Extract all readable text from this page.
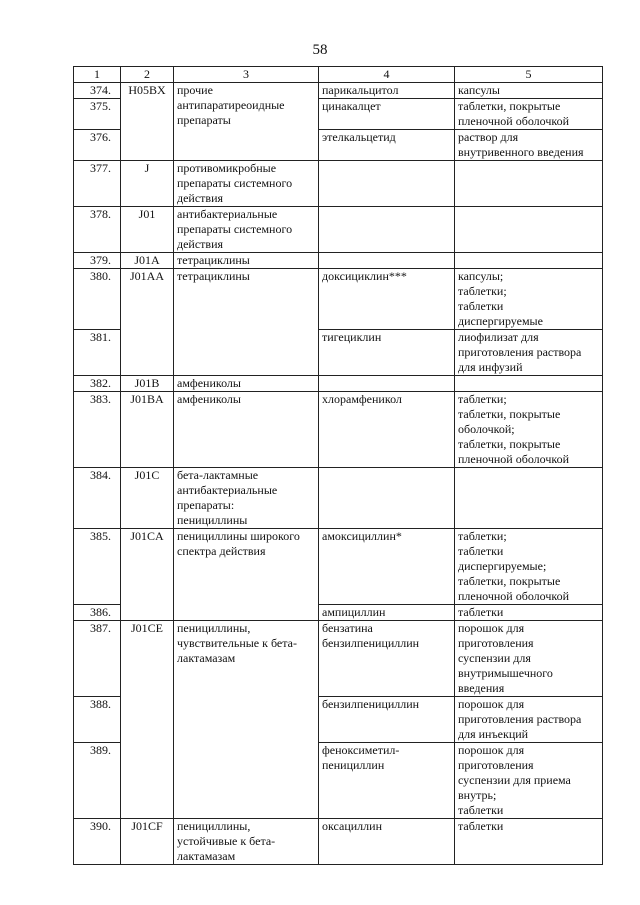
58
1	2	3	4	5
374.	H05BX	прочие
антипаратиреоидные
препараты	парикальцитол	капсулы

375.			цинакалцет	таблетки, покрытые
пленочной оболочкой

376.			этелкальцетид	раствор для
внутривенного введения

377.	J	противомикробные
препараты системного
действия		

378.	J01	антибактериальные
препараты системного
действия		

379.	J01A	тетрациклины		

380.	J01AA	тетрациклины	доксициклин***	капсулы;
таблетки;
таблетки
диспергируемые

381.			тигециклин	лиофилизат для
приготовления раствора
для инфузий

382.	J01B	амфениколы		

383.	J01BA	амфениколы	хлорамфеникол	таблетки;
таблетки, покрытые
оболочкой;
таблетки, покрытые
пленочной оболочкой

384.	J01C	бета-лактамные
антибактериальные
препараты:
пенициллины		

385.	J01CA	пенициллины широкого
спектра действия	амоксициллин*	таблетки;
таблетки
диспергируемые;
таблетки, покрытые
пленочной оболочкой

386.			ампициллин	таблетки

387.	J01CE	пенициллины,
чувствительные к бета-
лактамазам	бензатина
бензилпенициллин	порошок для
приготовления
суспензии для
внутримышечного
введения

388.			бензилпенициллин	порошок для
приготовления раствора
для инъекций

389.			феноксиметил-
пенициллин	порошок для
приготовления
суспензии для приема
внутрь;
таблетки

390.	J01CF	пенициллины,
устойчивые к бета-
лактамазам	оксациллин	таблетки
